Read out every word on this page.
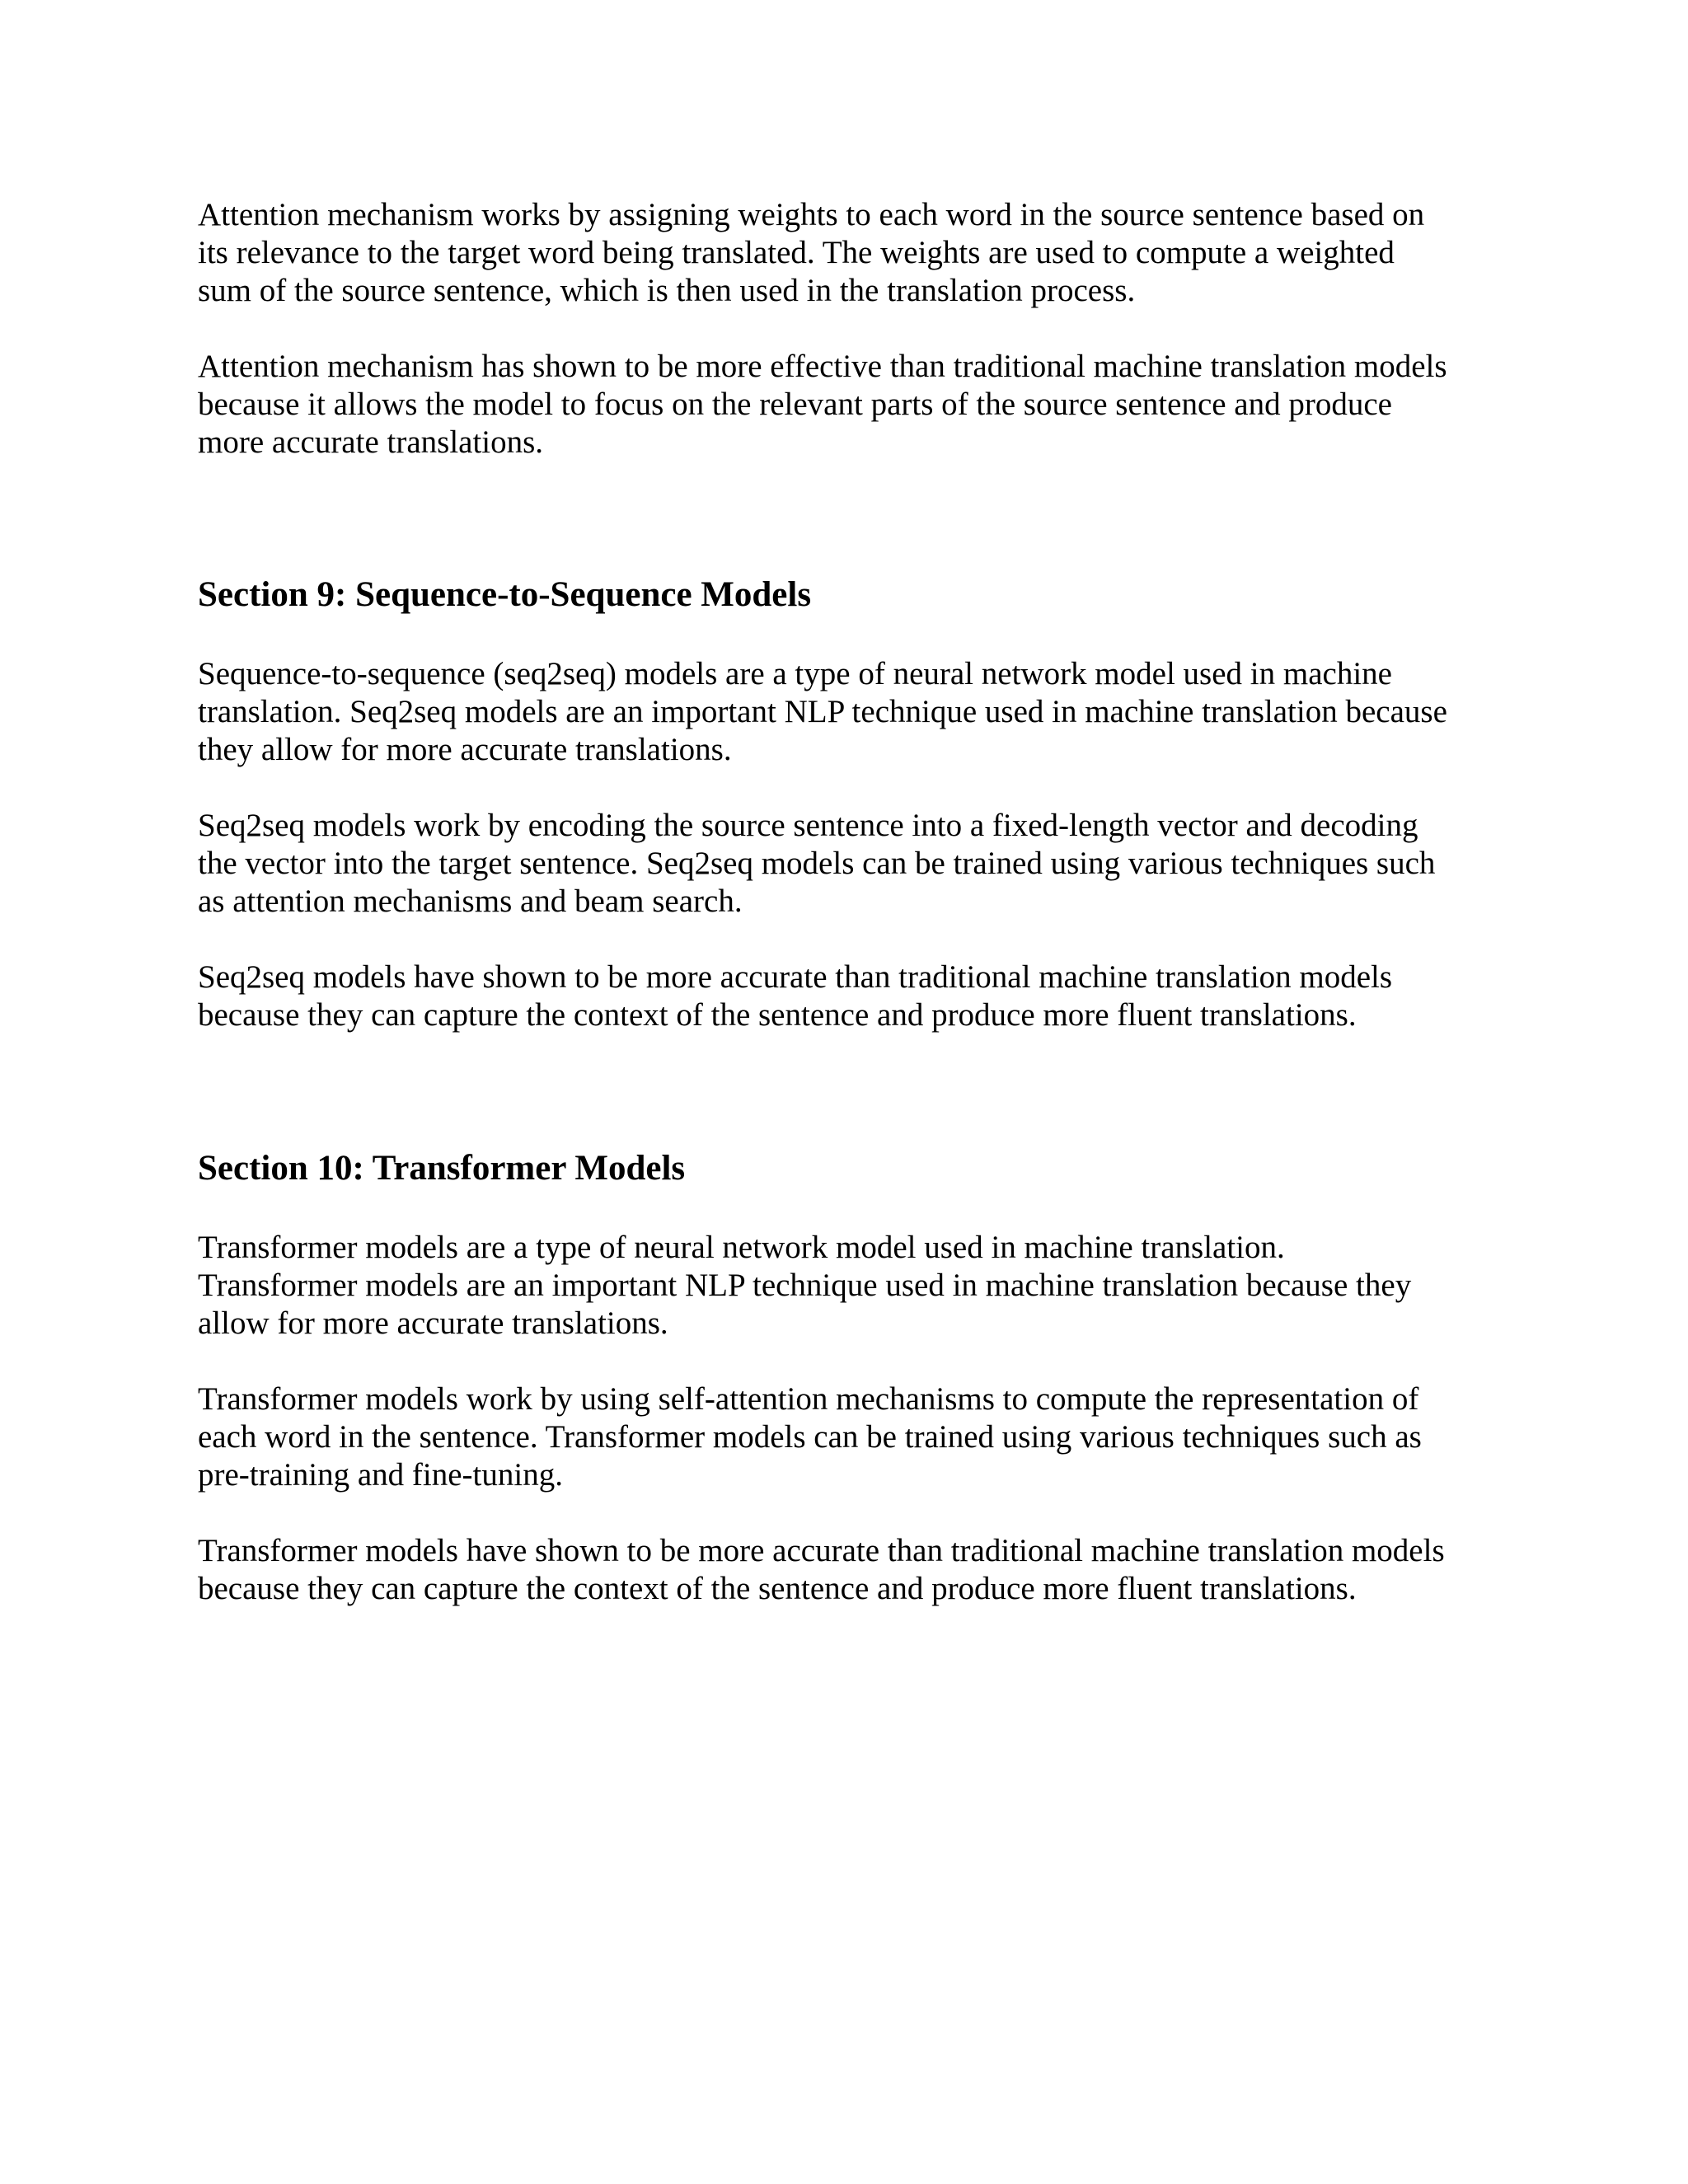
Attention mechanism works by assigning weights to each word in the source sentence based on
its relevance to the target word being translated. The weights are used to compute a weighted
sum of the source sentence, which is then used in the translation process.
Attention mechanism has shown to be more effective than traditional machine translation models
because it allows the model to focus on the relevant parts of the source sentence and produce
more accurate translations.
Section 9: Sequence-to-Sequence Models
Sequence-to-sequence (seq2seq) models are a type of neural network model used in machine
translation. Seq2seq models are an important NLP technique used in machine translation because
they allow for more accurate translations.
Seq2seq models work by encoding the source sentence into a fixed-length vector and decoding
the vector into the target sentence. Seq2seq models can be trained using various techniques such
as attention mechanisms and beam search.
Seq2seq models have shown to be more accurate than traditional machine translation models
because they can capture the context of the sentence and produce more fluent translations.
Section 10: Transformer Models
Transformer models are a type of neural network model used in machine translation.
Transformer models are an important NLP technique used in machine translation because they
allow for more accurate translations.
Transformer models work by using self-attention mechanisms to compute the representation of
each word in the sentence. Transformer models can be trained using various techniques such as
pre-training and fine-tuning.
Transformer models have shown to be more accurate than traditional machine translation models
because they can capture the context of the sentence and produce more fluent translations.
